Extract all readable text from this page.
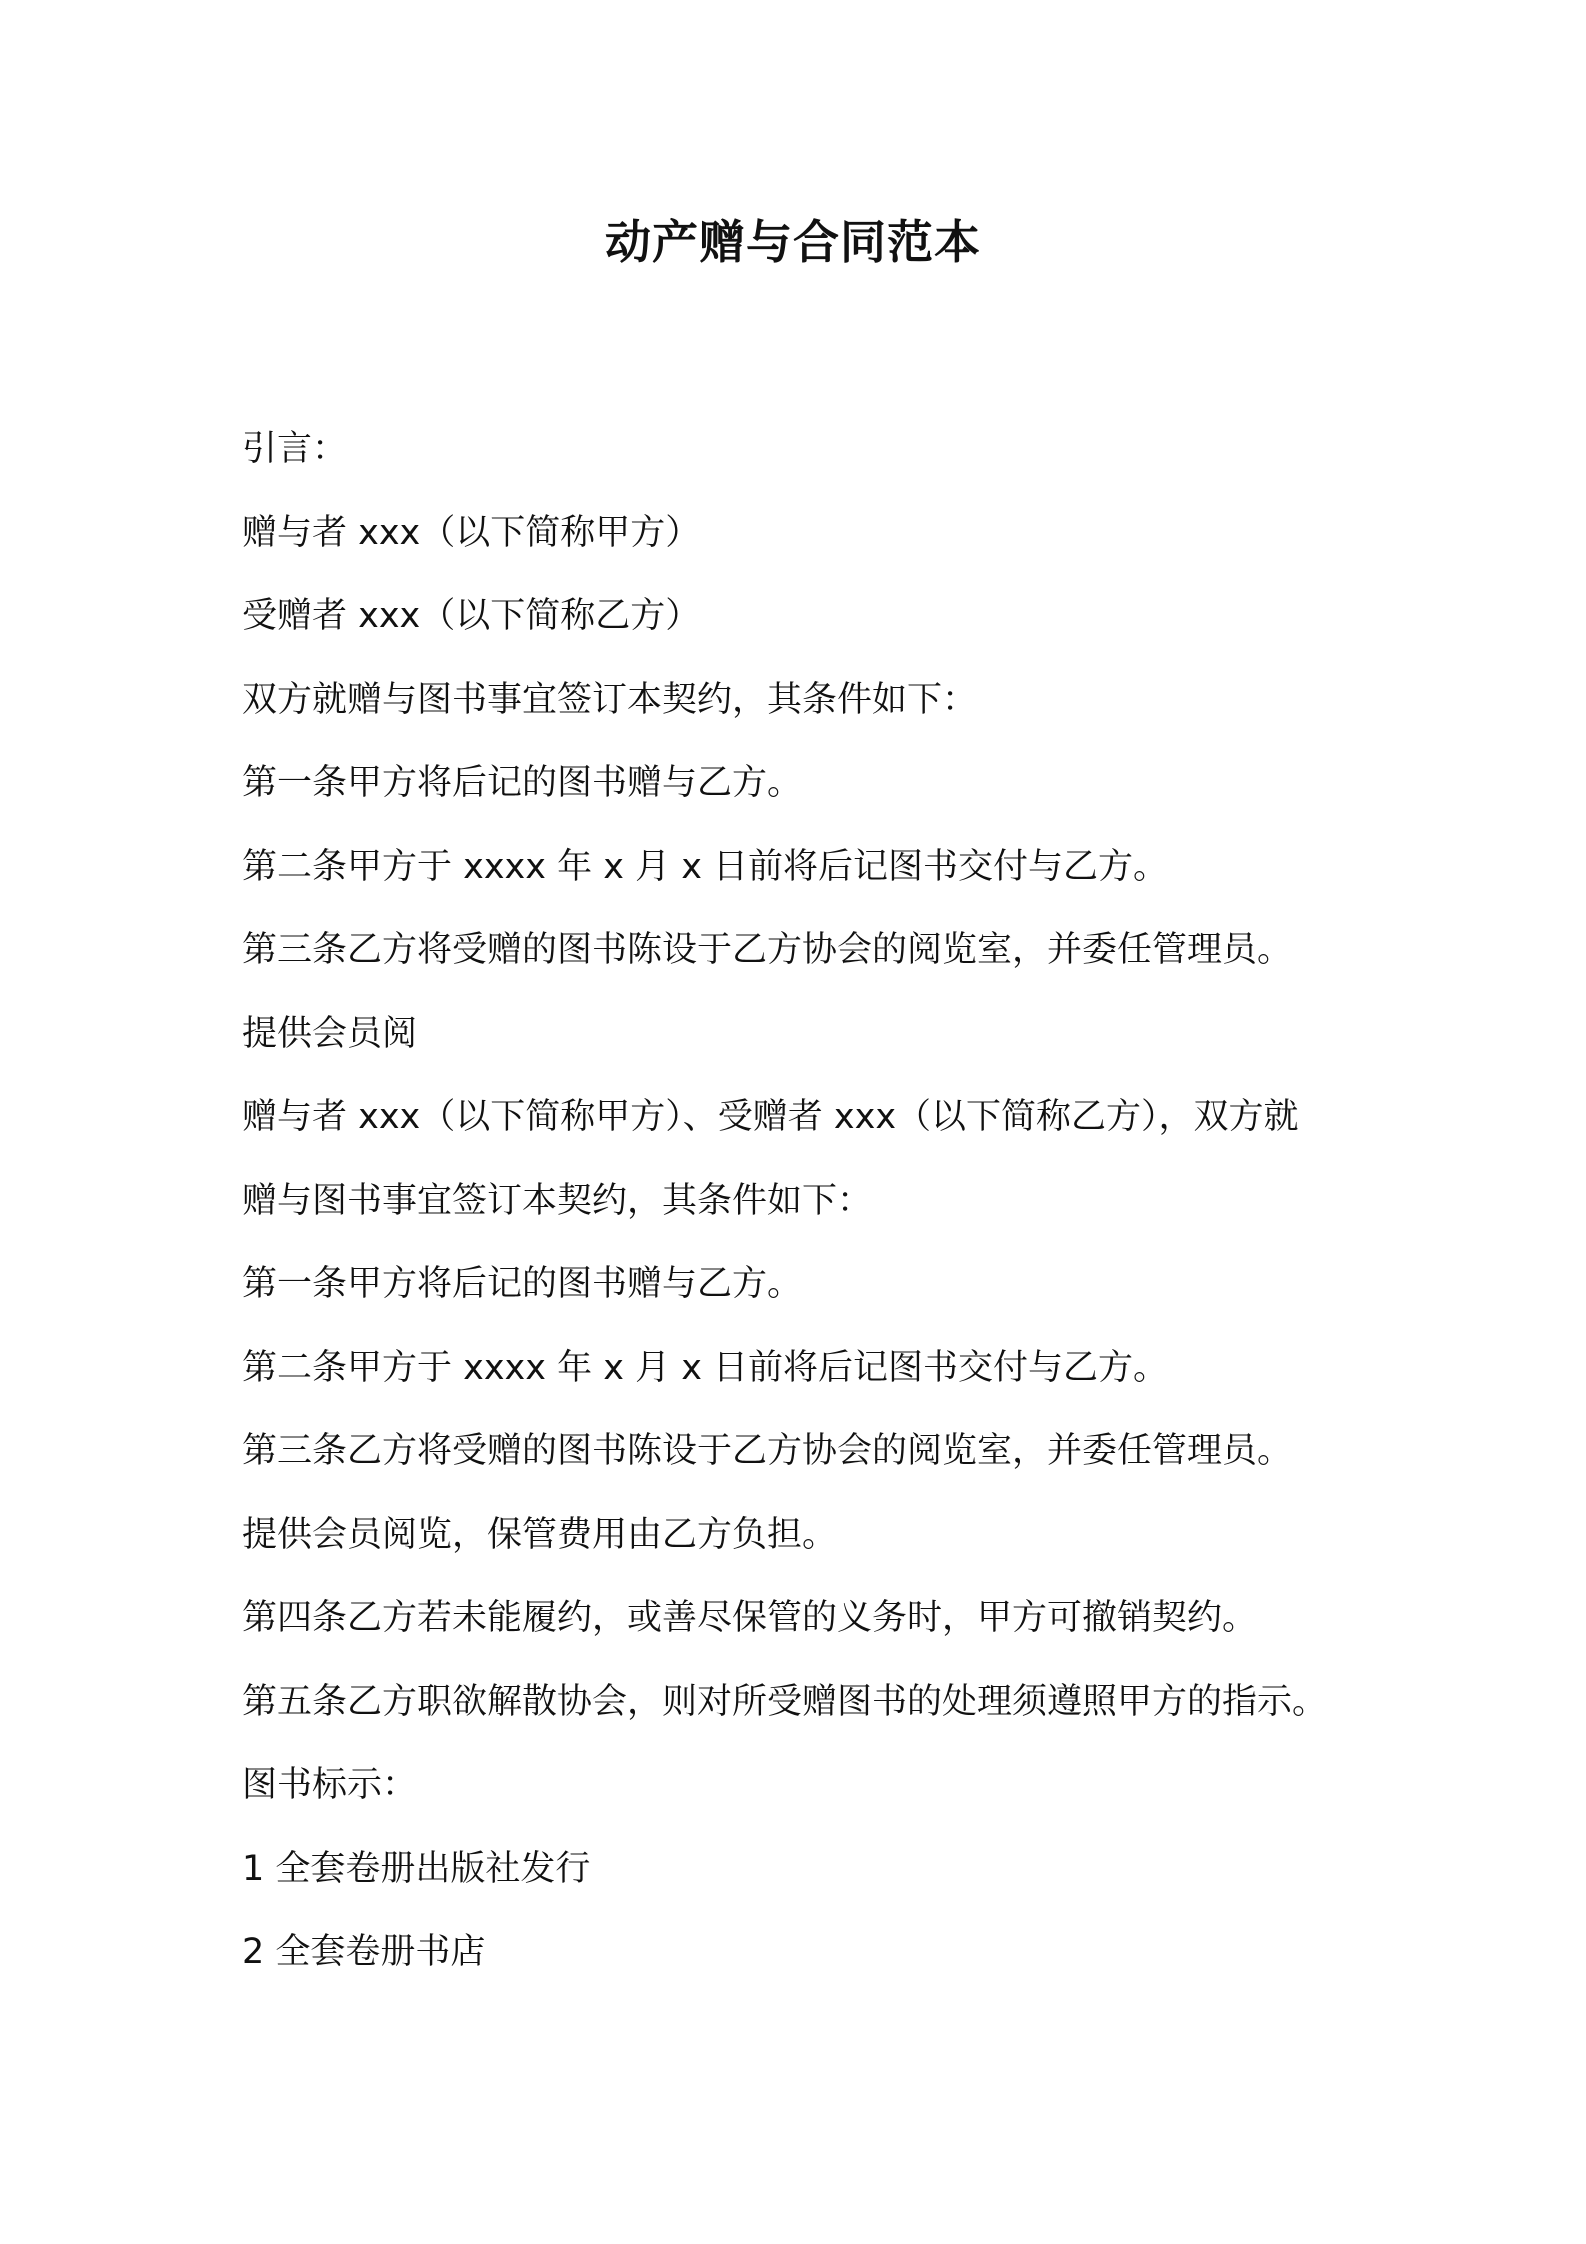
动产赠与合同范本

引言：

赠与者 xxx（以下简称甲方）

受赠者 xxx（以下简称乙方）

双方就赠与图书事宜签订本契约，其条件如下：

第一条甲方将后记的图书赠与乙方。

第二条甲方于 xxxx 年 x 月 x 日前将后记图书交付与乙方。

第三条乙方将受赠的图书陈设于乙方协会的阅览室，并委任管理员。

提供会员阅

赠与者 xxx（以下简称甲方）、受赠者 xxx（以下简称乙方），双方就

赠与图书事宜签订本契约，其条件如下：

第一条甲方将后记的图书赠与乙方。

第二条甲方于 xxxx 年 x 月 x 日前将后记图书交付与乙方。

第三条乙方将受赠的图书陈设于乙方协会的阅览室，并委任管理员。

提供会员阅览，保管费用由乙方负担。

第四条乙方若未能履约，或善尽保管的义务时，甲方可撤销契约。

第五条乙方职欲解散协会，则对所受赠图书的处理须遵照甲方的指示。

图书标示：

1 全套卷册出版社发行

2 全套卷册书店
